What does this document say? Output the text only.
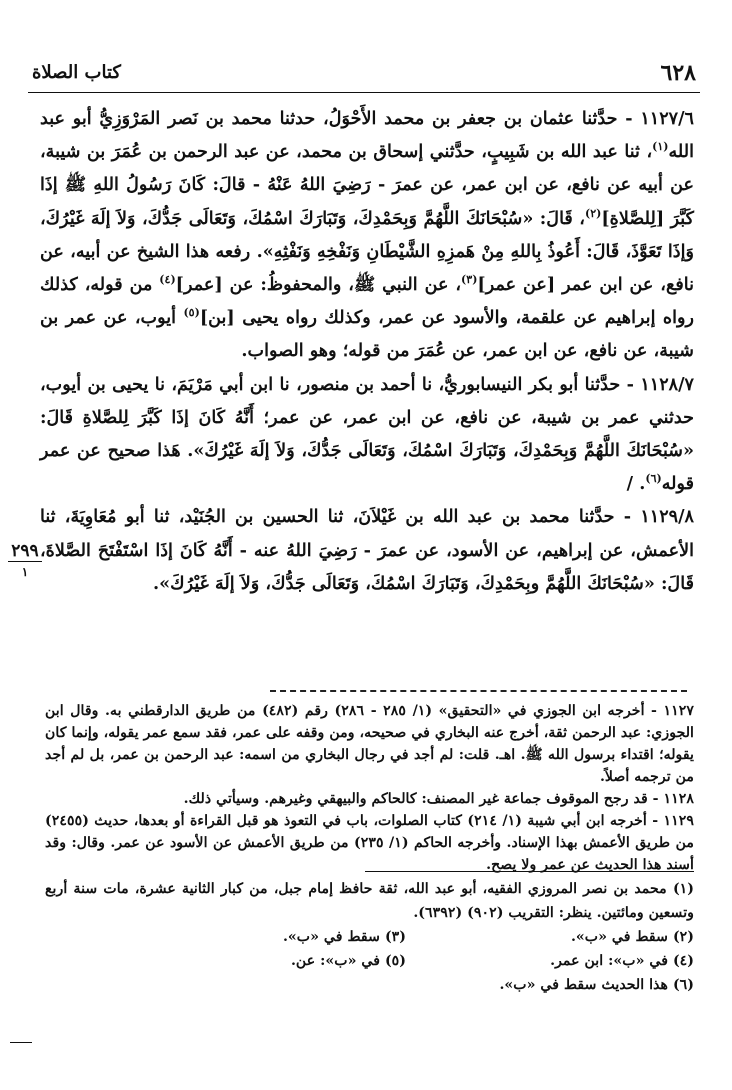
٦٢٨
كتاب الصلاة

١١٢٧/٦ - حدَّثنا عثمان بن جعفر بن محمد الأَحْوَلُ، حدثنا محمد بن نَصر المَرْوَزِيُّ أبو عبد الله$^{(١)}$، ثنا عبد الله بن شَبِيبٍ، حدَّثني إسحاق بن محمد، عن عبد الرحمن بن عُمَرَ بن شيبة، عن أبيه عن نافع، عن ابن عمر، عن عمرَ - رَضِيَ اللهُ عَنْهُ - قالَ: كَانَ رَسُولُ اللهِ ﷺ إذَا كَبَّرَ [لِلصَّلاةِ]$^{(٢)}$، قَالَ: «سُبْحَانَكَ اللَّهُمَّ وَبِحَمْدِكَ، وَتَبَارَكَ اسْمُكَ، وَتَعَالَى جَدُّكَ، وَلاَ إلَهَ غَيْرُكَ، وَإذَا تَعَوَّذَ، قَالَ: أَعُوذُ بِاللهِ مِنْ هَمزِهِ الشَّيْطَانِ وَنَفْخِهِ وَنَفْثِهِ». رفعه هذا الشيخ عن أبيه، عن نافع، عن ابن عمر [عن عمر]$^{(٣)}$، عن النبي ﷺ، والمحفوظُ: عن [عمر]$^{(٤)}$ من قوله، كذلك رواه إبراهيم عن علقمة، والأسود عن عمر، وكذلك رواه يحيى [بن]$^{(٥)}$ أيوب، عن عمر بن شيبة، عن نافع، عن ابن عمر، عن عُمَرَ من قوله؛ وهو الصواب.

١١٢٨/٧ - حدَّثنا أبو بكر النيسابوريُّ، نا أحمد بن منصور، نا ابن أبي مَرْيَمَ، نا يحيى بن أيوب، حدثني عمر بن شيبة، عن نافع، عن ابن عمر، عن عمر؛ أَنَّهُ كَانَ إذَا كَبَّرَ لِلصَّلاةِ قَالَ: «سُبْحَانَكَ اللَّهُمَّ وَبِحَمْدِكَ، وَتَبَارَكَ اسْمُكَ، وَتَعَالَى جَدُّكَ، وَلاَ إلَهَ غَيْرُكَ». هَذا صحيح عن عمر قوله$^{(٦)}$. /

١١٢٩/٨ - حدَّثنا محمد بن عبد الله بن غَيْلاَنَ، ثنا الحسين بن الجُنَيْد، ثنا أبو مُعَاوِيَةَ، ثنا الأعمش، عن إبراهيم، عن الأسود، عن عمرَ - رَضِيَ اللهُ عنه - أَنَّهُ كَانَ إذَا اسْتَفْتَحَ الصَّلاةَ، قَالَ: «سُبْحَانَكَ اللَّهُمَّ وبِحَمْدِكَ، وَتَبَارَكَ اسْمُكَ، وَتَعَالَى جَدُّكَ، وَلاَ إلَهَ غَيْرُكَ».

٢٩٩
١

١١٢٧ - أخرجه ابن الجوزي في «التحقيق» (١/ ٢٨٥ - ٢٨٦) رقم (٤٨٢) من طريق الدارقطني به. وقال ابن الجوزي: عبد الرحمن ثقة، أخرج عنه البخاري في صحيحه، ومن وقفه على عمر، فقد سمع عمر يقوله، وإنما كان يقوله؛ اقتداء برسول الله ﷺ. اهـ. قلت: لم أجد في رجال البخاري من اسمه: عبد الرحمن بن عمر، بل لم أجد من ترجمه أصلاً.

١١٢٨ - قد رجح الموقوف جماعة غير المصنف: كالحاكم والبيهقي وغيرهم. وسيأتي ذلك.

١١٢٩ - أخرجه ابن أبي شيبة (١/ ٢١٤) كتاب الصلوات، باب في التعوذ هو قبل القراءة أو بعدها، حديث (٢٤٥٥) من طريق الأعمش بهذا الإسناد. وأخرجه الحاكم (١/ ٢٣٥) من طريق الأعمش عن الأسود عن عمر. وقال: وقد أسند هذا الحديث عن عمر ولا يصح.

(١) محمد بن نصر المروزي الفقيه، أبو عبد الله، ثقة حافظ إمام جبل، من كبار الثانية عشرة، مات سنة أربع وتسعين ومائتين. ينظر: التقريب (٩٠٢) (٦٣٩٢).
(٢) سقط في «ب».
(٣) سقط في «ب».
(٤) في «ب»: ابن عمر.
(٥) في «ب»: عن.
(٦) هذا الحديث سقط في «ب».
